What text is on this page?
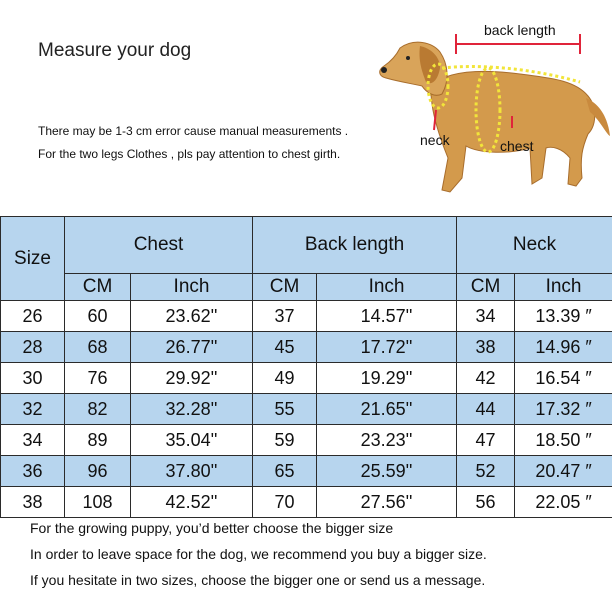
Measure your dog
There may be 1-3 cm error cause manual measurements .
For the two legs Clothes , pls pay attention to chest girth.
back length
neck	chest
Size	Chest		Back length		Neck	
	CM	Inch	CM	Inch	CM	Inch
26	60	23.62''	37	14.57''	34	13.39 ″
28	68	26.77''	45	17.72''	38	14.96 ″
30	76	29.92''	49	19.29''	42	16.54 ″
32	82	32.28''	55	21.65''	44	17.32 ″
34	89	35.04''	59	23.23''	47	18.50 ″
36	96	37.80''	65	25.59''	52	20.47 ″
38	108	42.52''	70	27.56''	56	22.05 ″
For the growing puppy, you’d better choose the bigger size
In order to leave space for the dog, we recommend you buy a bigger size.
If you hesitate in two sizes, choose the bigger one or send us a message.
